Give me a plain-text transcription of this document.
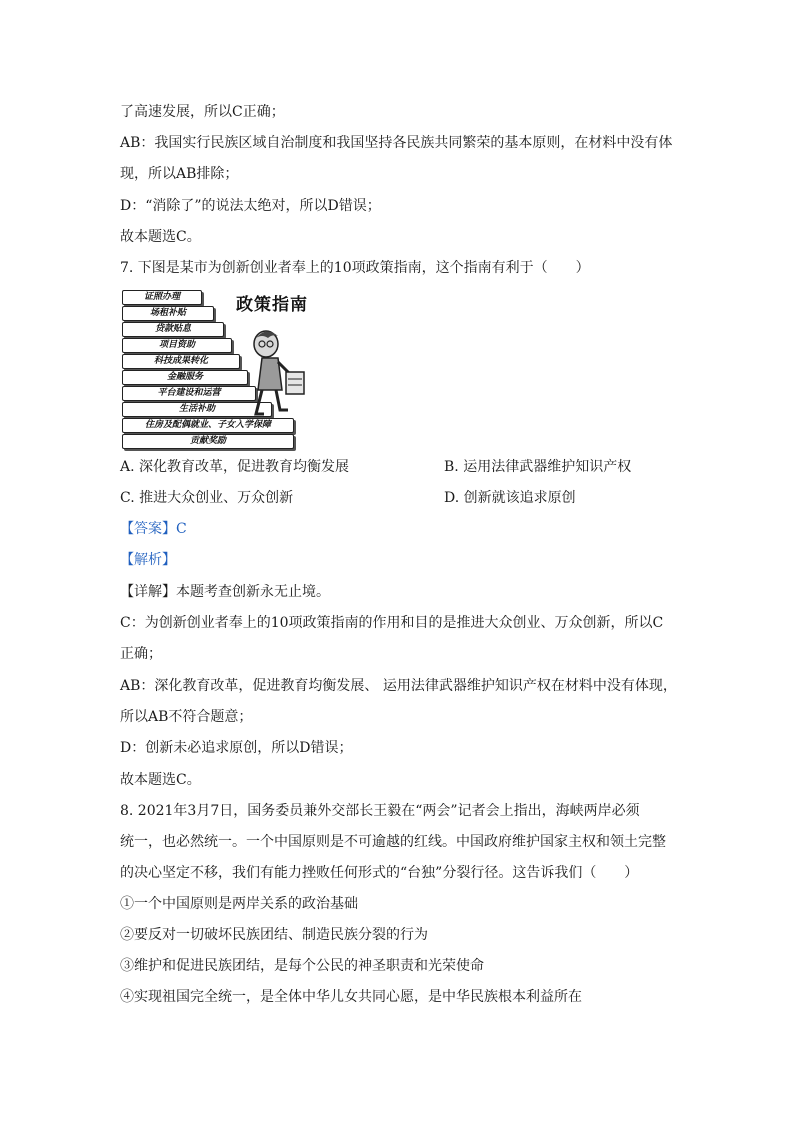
了高速发展，所以C正确；
AB：我国实行民族区域自治制度和我国坚持各民族共同繁荣的基本原则，在材料中没有体
现，所以AB排除；
D：“消除了”的说法太绝对，所以D错误；
故本题选C。
7. 下图是某市为创新创业者奉上的10项政策指南，这个指南有利于（　　）
政策指南
证照办理
场租补贴
贷款贴息
项目资助
科技成果转化
金融服务
平台建设和运营
生活补助
住房及配偶就业、子女入学保障
贡献奖励
A. 深化教育改革，促进教育均衡发展	B. 运用法律武器维护知识产权
C. 推进大众创业、万众创新	D. 创新就该追求原创
【答案】C
【解析】
【详解】本题考查创新永无止境。
C：为创新创业者奉上的10项政策指南的作用和目的是推进大众创业、万众创新，所以C
正确；
AB：深化教育改革，促进教育均衡发展、 运用法律武器维护知识产权在材料中没有体现，
所以AB不符合题意；
D：创新未必追求原创，所以D错误；
故本题选C。
8. 2021年3月7日，国务委员兼外交部长王毅在“两会”记者会上指出，海峡两岸必须
统一，也必然统一。一个中国原则是不可逾越的红线。中国政府维护国家主权和领土完整
的决心坚定不移，我们有能力挫败任何形式的“台独”分裂行径。这告诉我们（　　）
①一个中国原则是两岸关系的政治基础
②要反对一切破坏民族团结、制造民族分裂的行为
③维护和促进民族团结，是每个公民的神圣职责和光荣使命
④实现祖国完全统一，是全体中华儿女共同心愿，是中华民族根本利益所在
